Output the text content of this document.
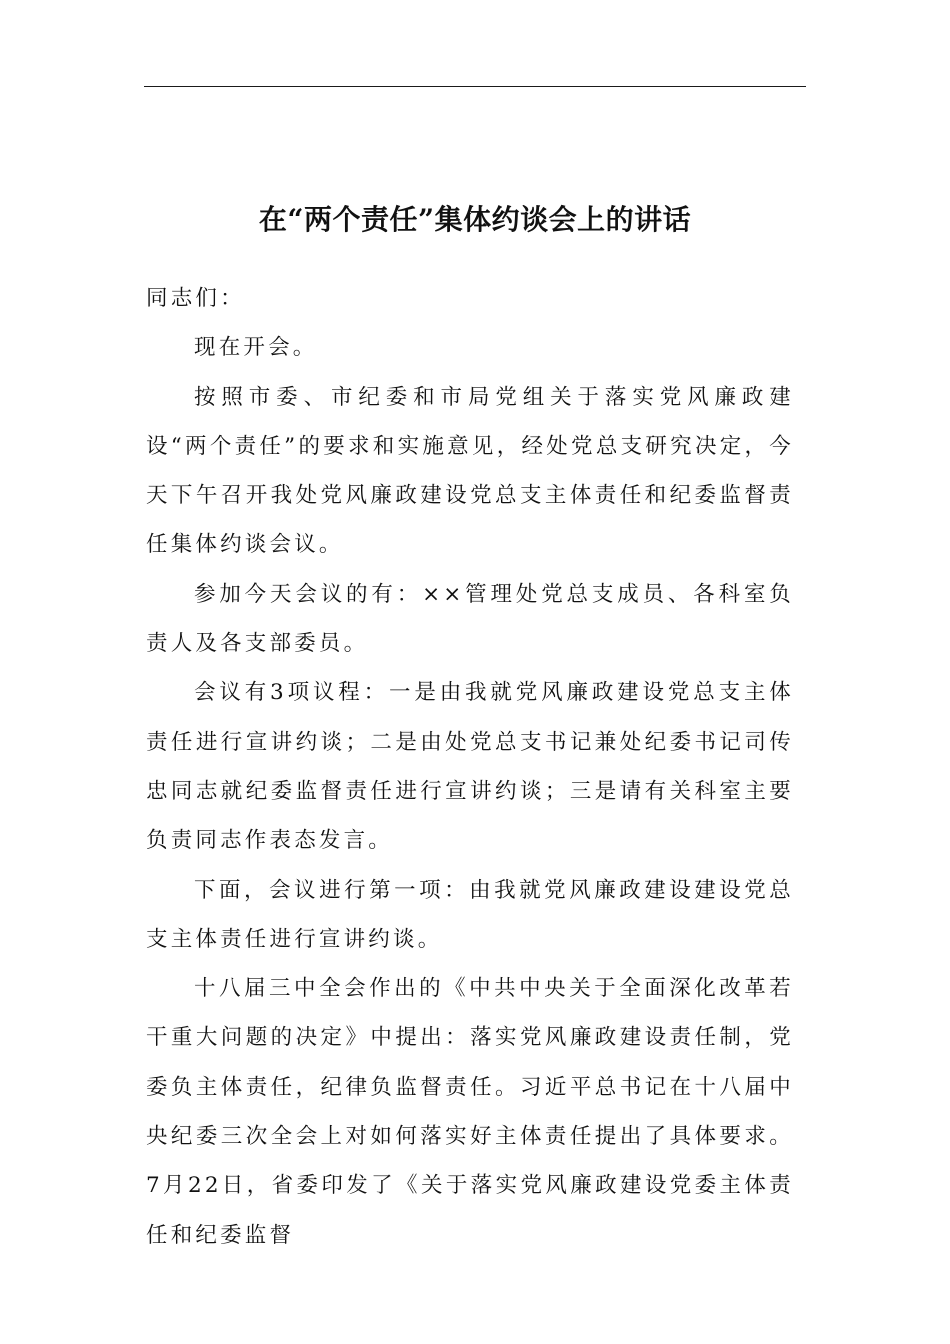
在“两个责任”集体约谈会上的讲话

同志们：

现在开会。

按照市委、市纪委和市局党组关于落实党风廉政建设“两个责任”的要求和实施意见，经处党总支研究决定，今天下午召开我处党风廉政建设党总支主体责任和纪委监督责任集体约谈会议。

参加今天会议的有：××管理处党总支成员、各科室负责人及各支部委员。

会议有3项议程：一是由我就党风廉政建设党总支主体责任进行宣讲约谈；二是由处党总支书记兼处纪委书记司传忠同志就纪委监督责任进行宣讲约谈；三是请有关科室主要负责同志作表态发言。

下面，会议进行第一项：由我就党风廉政建设建设党总支主体责任进行宣讲约谈。

十八届三中全会作出的《中共中央关于全面深化改革若干重大问题的决定》中提出：落实党风廉政建设责任制，党委负主体责任，纪律负监督责任。习近平总书记在十八届中央纪委三次全会上对如何落实好主体责任提出了具体要求。7月22日，省委印发了《关于落实党风廉政建设党委主体责任和纪委监督
